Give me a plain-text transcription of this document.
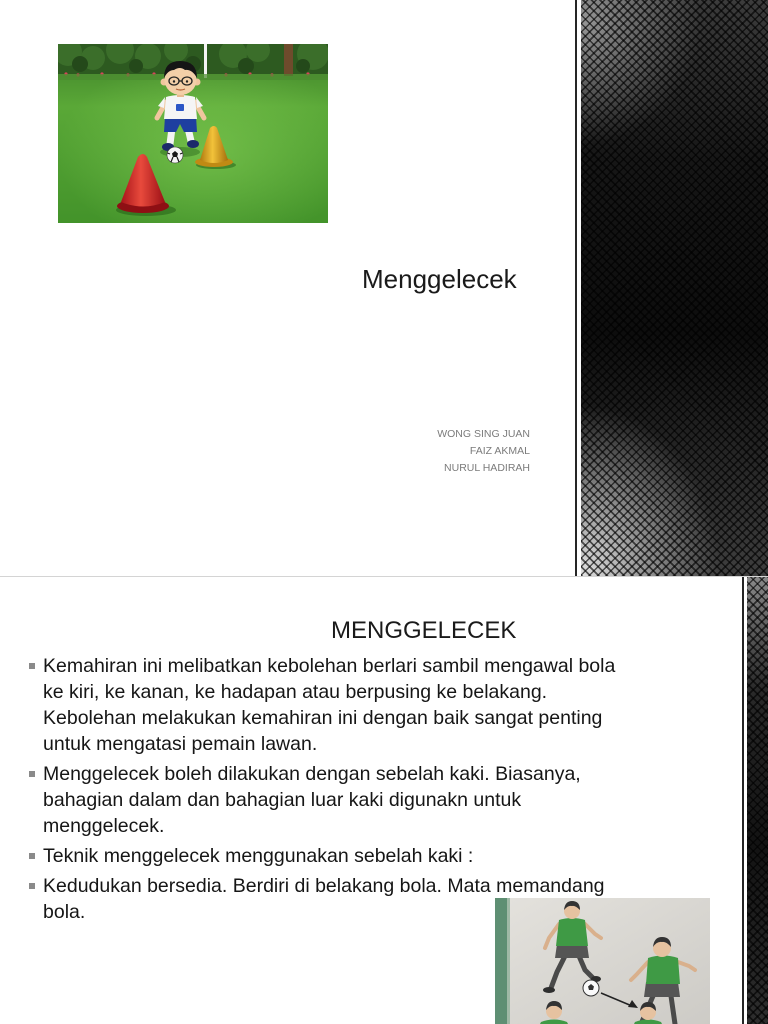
Menggelecek
WONG SING JUAN
FAIZ AKMAL
NURUL HADIRAH
MENGGELECEK
Kemahiran ini melibatkan kebolehan berlari sambil mengawal bola
ke kiri, ke kanan, ke hadapan atau berpusing ke belakang.
Kebolehan melakukan kemahiran ini dengan baik sangat penting
untuk mengatasi pemain lawan.
Menggelecek boleh dilakukan dengan sebelah kaki. Biasanya,
bahagian dalam dan bahagian luar kaki digunakn untuk
menggelecek.
Teknik menggelecek menggunakan sebelah kaki :
Kedudukan bersedia. Berdiri di belakang bola. Mata memandang
bola.
